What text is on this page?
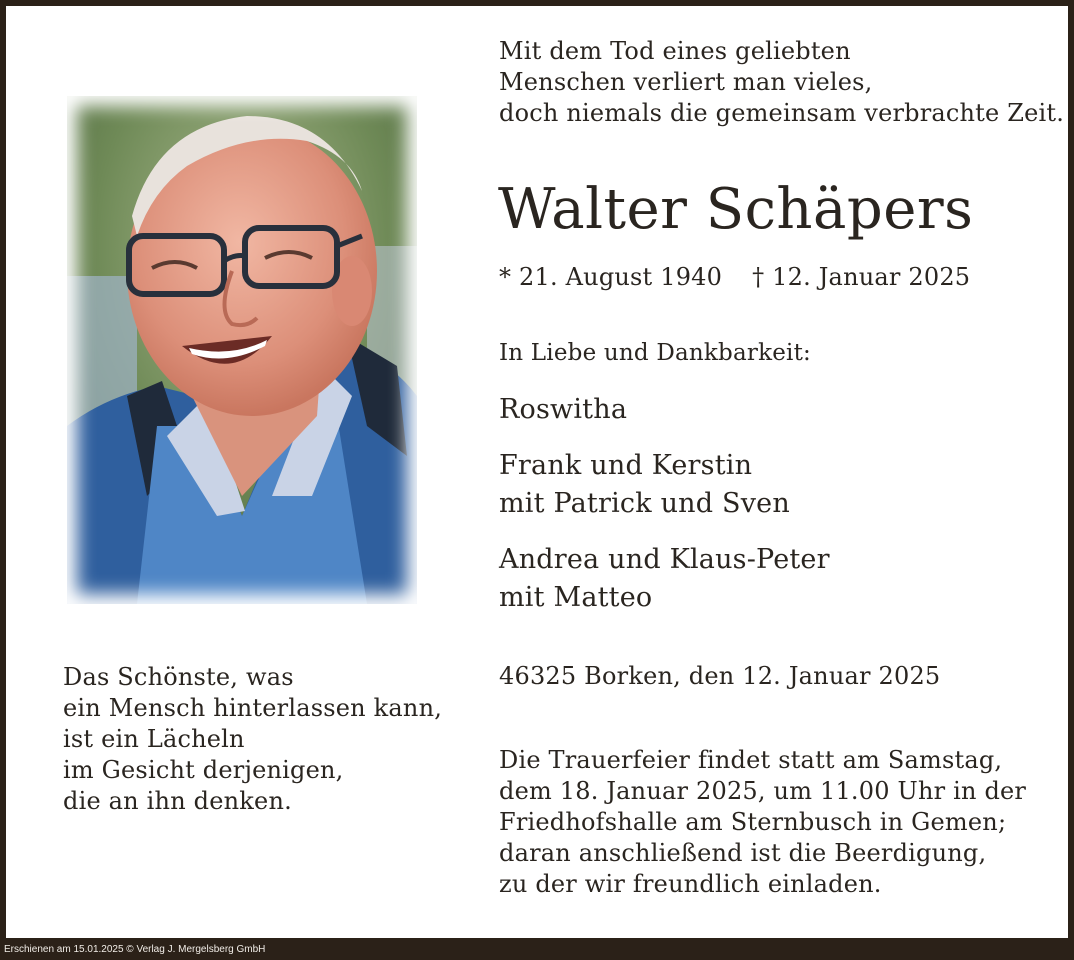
Mit dem Tod eines geliebten
Menschen verliert man vieles,
doch niemals die gemeinsam verbrachte Zeit.
Walter Schäpers
* 21. August 1940 † 12. Januar 2025
In Liebe und Dankbarkeit:
Roswitha
Frank und Kerstin
mit Patrick und Sven
Andrea und Klaus-Peter
mit Matteo
46325 Borken, den 12. Januar 2025
Die Trauerfeier findet statt am Samstag,
dem 18. Januar 2025, um 11.00 Uhr in der
Friedhofshalle am Sternbusch in Gemen;
daran anschließend ist die Beerdigung,
zu der wir freundlich einladen.
Das Schönste, was
ein Mensch hinterlassen kann,
ist ein Lächeln
im Gesicht derjenigen,
die an ihn denken.
Erschienen am 15.01.2025 © Verlag J. Mergelsberg GmbH
